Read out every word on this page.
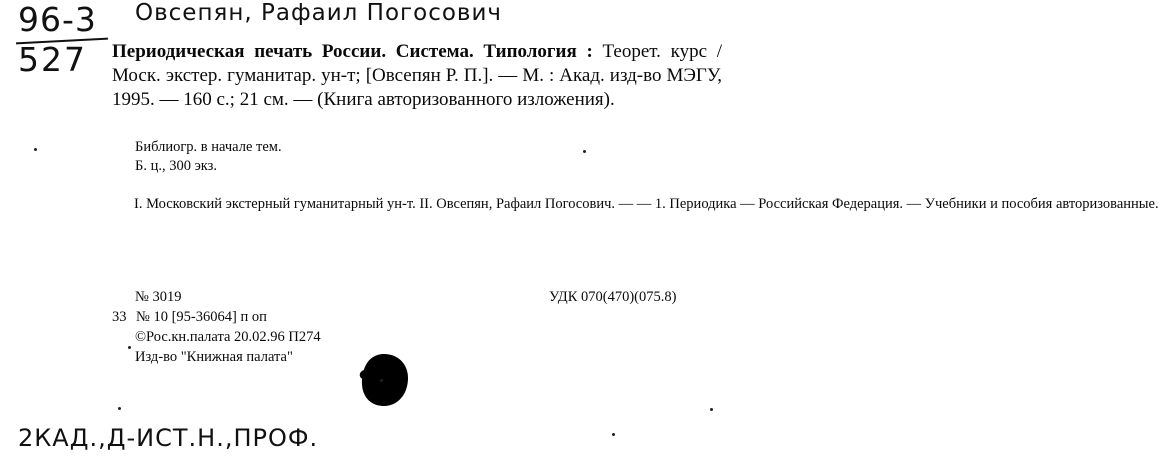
96-3
527
Овсепян, Рафаил Погосович
Периодическая печать России. Система. Типология : Теорет. курс / Моск. экстер. гуманитар. ун-т; [Овсепян Р. П.]. — М. : Акад. изд-во МЭГУ, 1995. — 160 с.; 21 см. — (Книга авторизованного изложения).
Библиогр. в начале тем.
Б. ц., 300 экз.
I. Московский экстерный гуманитарный ун-т. II. Овсепян, Рафаил Погосович. — — 1. Периодика — Российская Федерация. — Учебники и пособия авторизованные.
№ 3019	УДК 070(470)(075.8)
33 № 10 [95-36064] п оп
©Рос.кн.палата 20.02.96 П274
Изд-во "Книжная палата"
2КАД.,Д-ИСТ.Н.,ПРОФ.
